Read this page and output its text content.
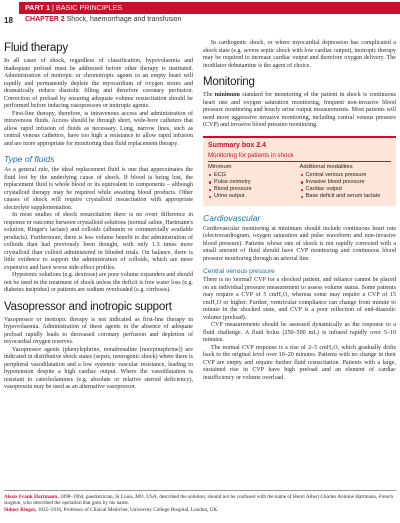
PART 1 | BASIC PRINCIPLES
18 CHAPTER 2 Shock, haemorrhage and transfusion
Fluid therapy

In all cases of shock, regardless of classification, hypovolaemia and inadequate preload must be addressed before other therapy is instituted. Administration of inotropic or chronotropic agents to an empty heart will rapidly and permanently deplete the myocardium of oxygen stores and dramatically reduce diastolic filling and therefore coronary perfusion. Correction of preload by ensuring adequate volume resuscitation should be performed before inducing vasopressors or inotropic agents.

First-line therapy, therefore, is intravenous access and administration of intravenous fluids. Access should be through short, wide-bore catheters that allow rapid infusion of fluids as necessary. Long, narrow lines, such as central venous catheters, have too high a resistance to allow rapid infusion and are more appropriate for monitoring than fluid replacement therapy.

Type of fluids

As a general rule, the ideal replacement fluid is one that approximates the fluid lost by the underlying cause of shock. If blood is being lost, the replacement fluid is whole blood or its equivalent in components – although crystalloid therapy may be required while awaiting blood products. Other causes of shock will require crystalloid resuscitation with appropriate electrolyte supplementation.

In most studies of shock resuscitation there is no overt difference in response or outcome between crystalloid solutions (normal saline, Hartmann's solution, Ringer's lactate) and colloids (albumin or commercially available products). Furthermore, there is less volume benefit to the administration of colloids than had previously been thought, with only 1.3 times more crystalloid than colloid administered in blinded trials. On balance, there is little evidence to support the administration of colloids, which are more expensive and have worse side-effect profiles.

Hypotonic solutions (e.g. dextrose) are poor volume expanders and should not be used in the treatment of shock unless the deficit is free water loss (e.g. diabetes insipidus) or patients are sodium overloaded (e.g. cirrhosis).

Vasopressor and inotropic support

Vasopressor or inotropic therapy is not indicated as first-line therapy in hypovolaemia. Administration of these agents in the absence of adequate preload rapidly leads to decreased coronary perfusion and depletion of myocardial oxygen reserves.

Vasopressor agents (phenylephrine, noradrenaline [norepinephrine]) are indicated in distributive shock states (sepsis, neurogenic shock) where there is peripheral vasodilatation and a low systemic vascular resistance, leading to hypotension despite a high cardiac output. Where the vasodilatation is resistant to catecholamines (e.g. absolute or relative steroid deficiency), vasopressin may be used as an alternative vasopressor.

In cardiogenic shock, or where myocardial depression has complicated a shock state (e.g. severe septic shock with low cardiac output), inotropic therapy may be required to increase cardiac output and therefore oxygen delivery. The inodilator dobutamine is the agent of choice.

Monitoring

The minimum standard for monitoring of the patient in shock is continuous heart rate and oxygen saturation monitoring, frequent non-invasive blood pressure monitoring and hourly urine output measurements. Most patients will need more aggressive invasive monitoring, including central venous pressure (CVP) and invasive blood pressure monitoring.

Summary box 2.4
Monitoring for patients in shock
Minimum
ECG
Pulse oximetry
Blood pressure
Urine output
Additional modalities
Central venous pressure
Invasive blood pressure
Cardiac output
Base deficit and serum lactate
Cardiovascular

Cardiovascular monitoring at minimum should include continuous heart rate (electrocardiogram, oxygen saturation and pulse waveform and non-invasive blood pressure). Patients whose rate of shock is not rapidly corrected with a small amount of fluid should have CVP monitoring and continuous blood pressure monitoring through an arterial line.

Central venous pressure

There is no 'normal' CVP for a shocked patient, and reliance cannot be placed on an individual pressure measurement to assess volume status. Some patients may require a CVP of 5 cmH₂O, whereas some may require a CVP of 15 cmH₂O or higher. Further, ventricular compliance can change from minute to minute in the shocked state, and CVP is a poor reflection of end-diastolic volume (preload).

CVP measurements should be assessed dynamically as the response to a fluid challenge. A fluid bolus (250–500 mL) is infused rapidly over 5–10 minutes.

The normal CVP response is a rise of 2–5 cmH₂O, which gradually drifts back to the original level over 10–20 minutes. Patients with no change in their CVP are empty and require further fluid resuscitation. Patients with a large, sustained rise in CVP have high preload and an element of cardiac insufficiency or volume overload.

Alexis Frank Hartmann, 1898–1964, paediatrician, St Louis, MO, USA, described the solution; should not be confused with the name of Henri Albert Charles Antoine Hartmann, French surgeon, who described the operation that goes by his name.

Sidney Ringer, 1835–1910, Professor of Clinical Medicine, University College Hospital, London, UK.
